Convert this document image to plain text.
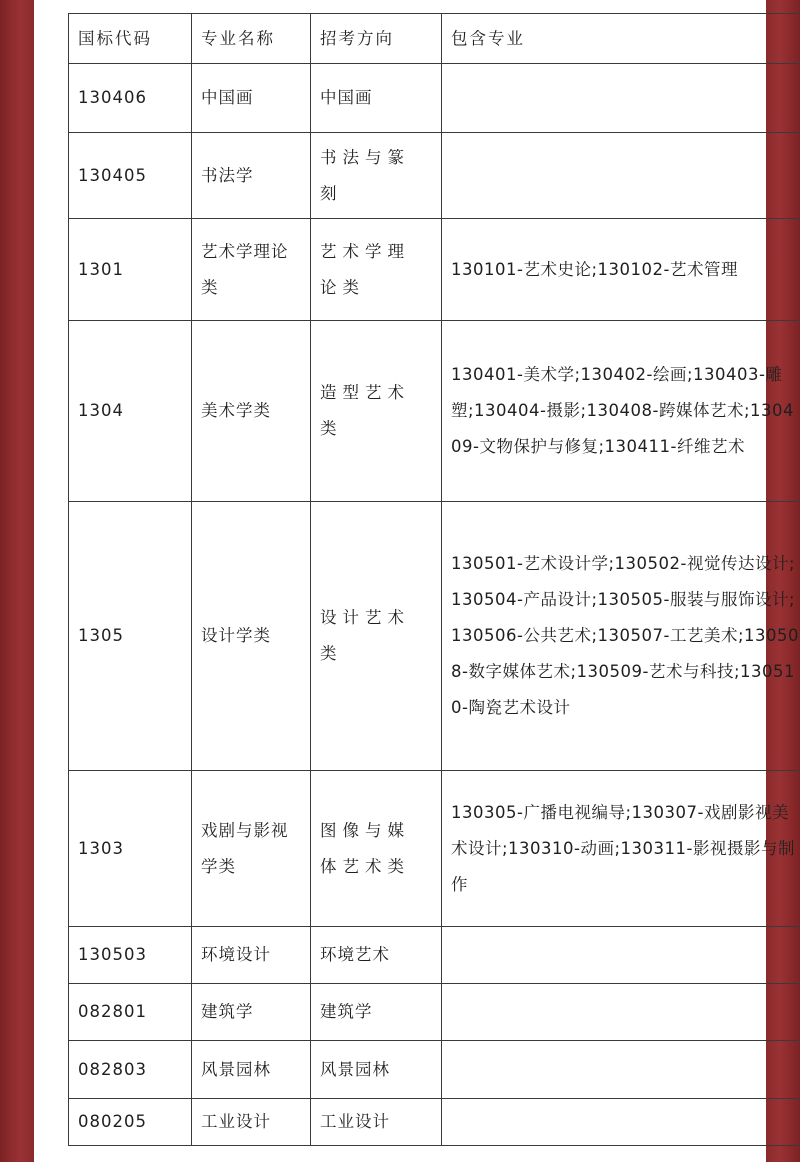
国标代码	专业名称	招考方向	包含专业
130406	中国画	中国画	
130405	书法学	书法与篆刻	
1301	艺术学理论类	艺术学理论类	130101-艺术史论;130102-艺术管理
1304	美术学类	造型艺术类	130401-美术学;130402-绘画;130403-雕塑;130404-摄影;130408-跨媒体艺术;130409-文物保护与修复;130411-纤维艺术
1305	设计学类	设计艺术类	130501-艺术设计学;130502-视觉传达设计;130504-产品设计;130505-服装与服饰设计;130506-公共艺术;130507-工艺美术;130508-数字媒体艺术;130509-艺术与科技;130510-陶瓷艺术设计
1303	戏剧与影视学类	图像与媒体艺术类	130305-广播电视编导;130307-戏剧影视美术设计;130310-动画;130311-影视摄影与制作
130503	环境设计	环境艺术	
082801	建筑学	建筑学	
082803	风景园林	风景园林	
080205	工业设计	工业设计	
